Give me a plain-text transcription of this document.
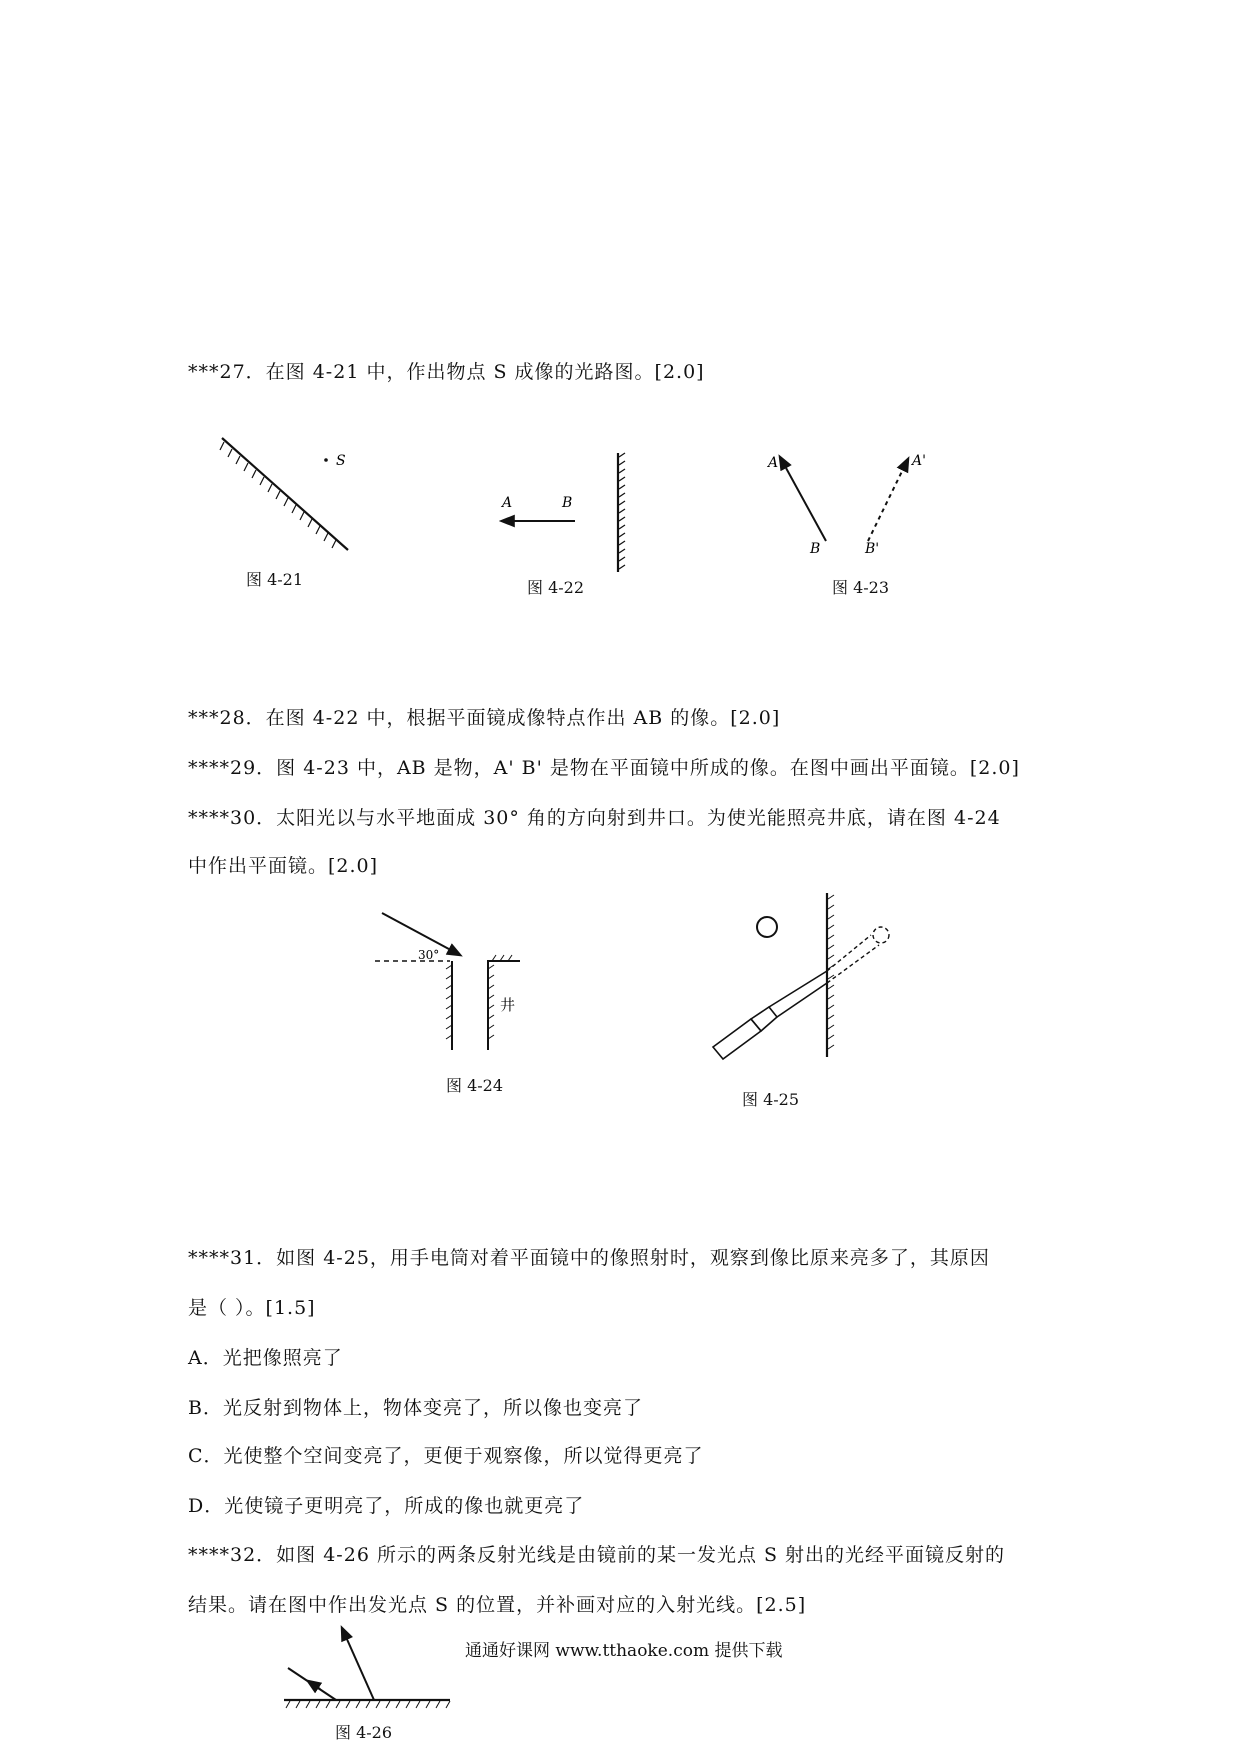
***27．在图 4-21 中，作出物点 S 成像的光路图。[2.0]
S
图 4-21
A	B
图 4-22
A
B
A'
B'
图 4-23
***28．在图 4-22 中，根据平面镜成像特点作出 AB 的像。[2.0]
****29．图 4-23 中，AB 是物，A' B' 是物在平面镜中所成的像。在图中画出平面镜。[2.0]
****30．太阳光以与水平地面成 30° 角的方向射到井口。为使光能照亮井底，请在图 4-24
中作出平面镜。[2.0]
30°
井
图 4-24
图 4-25
****31．如图 4-25，用手电筒对着平面镜中的像照射时，观察到像比原来亮多了，其原因
是（ ）。[1.5]
A．光把像照亮了
B．光反射到物体上，物体变亮了，所以像也变亮了
C．光使整个空间变亮了，更便于观察像，所以觉得更亮了
D．光使镜子更明亮了，所成的像也就更亮了
****32．如图 4-26 所示的两条反射光线是由镜前的某一发光点 S 射出的光经平面镜反射的
结果。请在图中作出发光点 S 的位置，并补画对应的入射光线。[2.5]
通通好课网 www.tthaoke.com 提供下载
图 4-26
